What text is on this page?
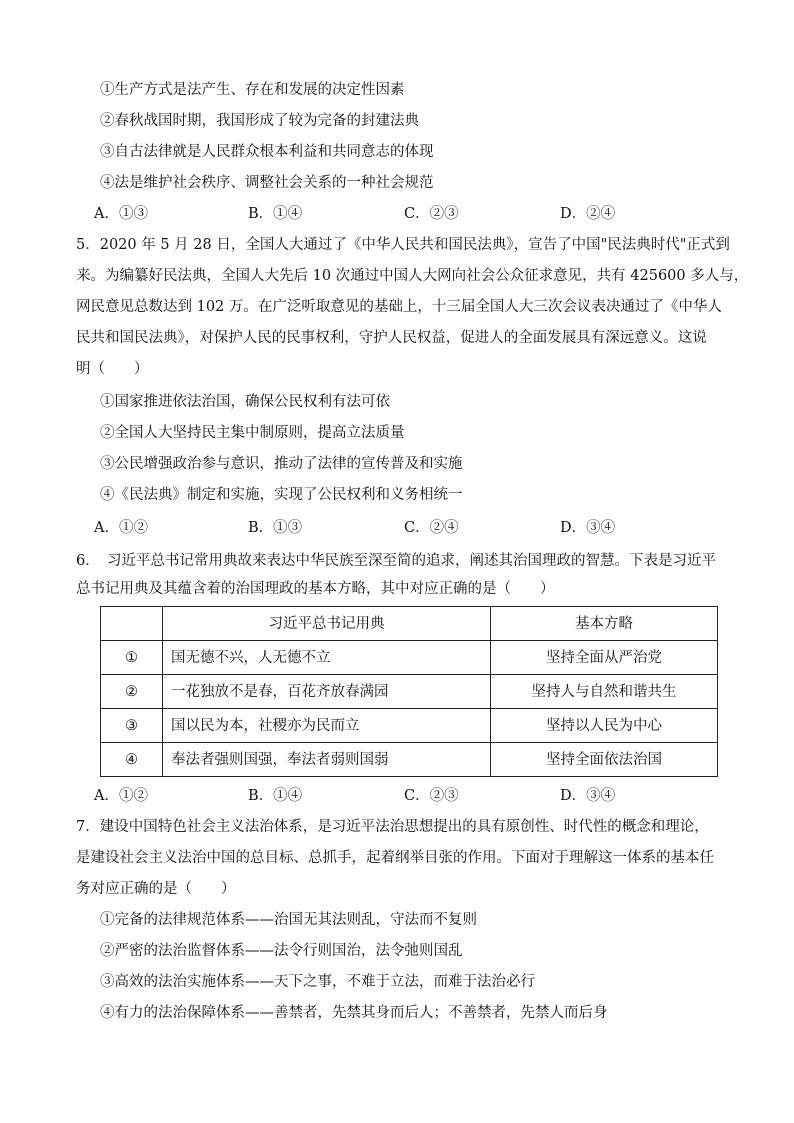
①生产方式是法产生、存在和发展的决定性因素
②春秋战国时期，我国形成了较为完备的封建法典
③自古法律就是人民群众根本利益和共同意志的体现
④法是维护社会秩序、调整社会关系的一种社会规范
A．①③	B．①④	C．②③	D．②④
5．2020 年 5 月 28 日，全国人大通过了《中华人民共和国民法典》，宣告了中国"民法典时代"正式到
来。为编纂好民法典，全国人大先后 10 次通过中国人大网向社会公众征求意见，共有 425600 多人与，
网民意见总数达到 102 万。在广泛听取意见的基础上，十三届全国人大三次会议表决通过了《中华人
民共和国民法典》，对保护人民的民事权利，守护人民权益，促进人的全面发展具有深远意义。这说
明（　　）
①国家推进依法治国，确保公民权利有法可依
②全国人大坚持民主集中制原则，提高立法质量
③公民增强政治参与意识，推动了法律的宣传普及和实施
④《民法典》制定和实施，实现了公民权利和义务相统一
A．①②	B．①③	C．②④	D．③④
6．　习近平总书记常用典故来表达中华民族至深至简的追求，阐述其治国理政的智慧。下表是习近平
总书记用典及其蕴含着的治国理政的基本方略，其中对应正确的是（　　）
	习近平总书记用典	基本方略
①	国无德不兴，人无德不立	坚持全面从严治党
②	一花独放不是春，百花齐放春满园	坚持人与自然和谐共生
③	国以民为本，社稷亦为民而立	坚持以人民为中心
④	奉法者强则国强，奉法者弱则国弱	坚持全面依法治国
A．①②	B．①④	C．②③	D．③④
7．建设中国特色社会主义法治体系，是习近平法治思想提出的具有原创性、时代性的概念和理论，
是建设社会主义法治中国的总目标、总抓手，起着纲举目张的作用。下面对于理解这一体系的基本任
务对应正确的是（　　）
①完备的法律规范体系——治国无其法则乱，守法而不复则
②严密的法治监督体系——法令行则国治，法令弛则国乱
③高效的法治实施体系——天下之事，不难于立法，而难于法治必行
④有力的法治保障体系——善禁者，先禁其身而后人；不善禁者，先禁人而后身
